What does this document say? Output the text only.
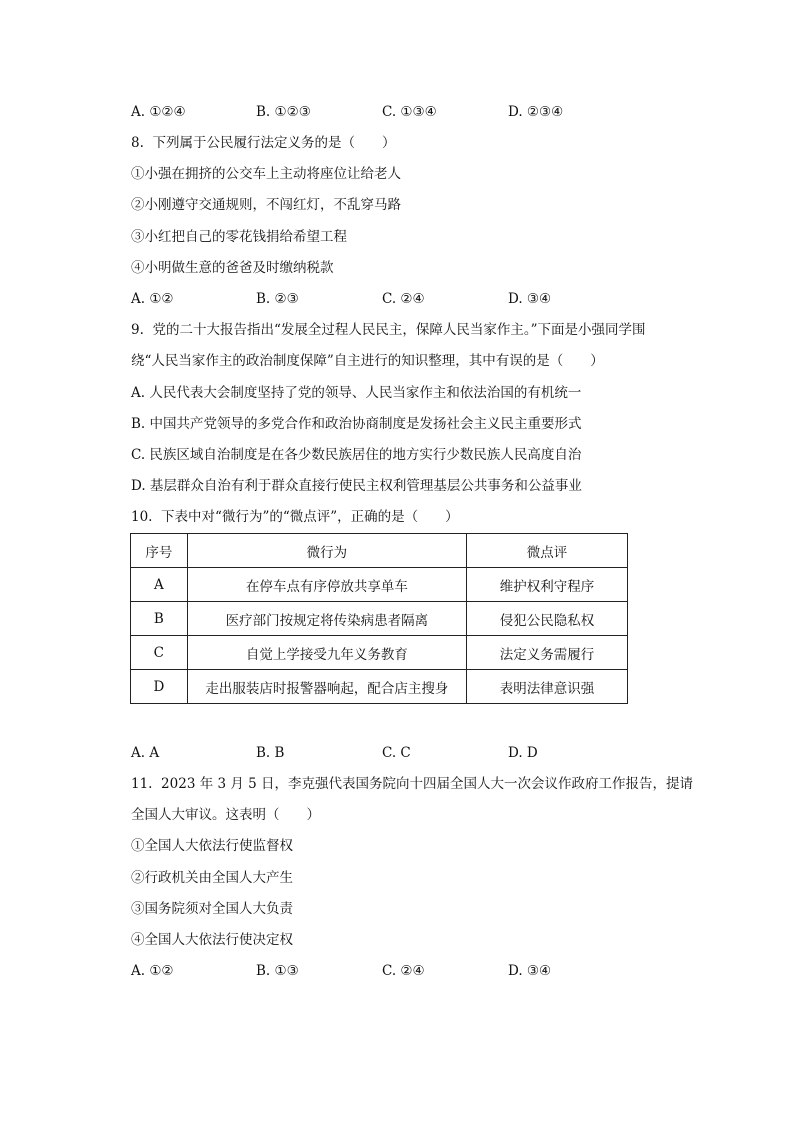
A. ①②④	B. ①②③	C. ①③④	D. ②③④
8.  下列属于公民履行法定义务的是（　　）
①小强在拥挤的公交车上主动将座位让给老人
②小刚遵守交通规则，不闯红灯，不乱穿马路
③小红把自己的零花钱捐给希望工程
④小明做生意的爸爸及时缴纳税款
A. ①②	B. ②③	C. ②④	D. ③④
9.  党的二十大报告指出“发展全过程人民民主，保障人民当家作主。”下面是小强同学围
绕“人民当家作主的政治制度保障”自主进行的知识整理，其中有误的是（　　）
A. 人民代表大会制度坚持了党的领导、人民当家作主和依法治国的有机统一
B. 中国共产党领导的多党合作和政治协商制度是发扬社会主义民主重要形式
C. 民族区域自治制度是在各少数民族居住的地方实行少数民族人民高度自治
D. 基层群众自治有利于群众直接行使民主权利管理基层公共事务和公益事业
10.  下表中对“微行为”的“微点评”，正确的是（　　）
序号	微行为	微点评
A	在停车点有序停放共享单车	维护权利守程序
B	医疗部门按规定将传染病患者隔离	侵犯公民隐私权
C	自觉上学接受九年义务教育	法定义务需履行
D	走出服装店时报警器响起，配合店主搜身	表明法律意识强
A. A	B. B	C. C	D. D
11.  2023 年 3 月 5 日，李克强代表国务院向十四届全国人大一次会议作政府工作报告，提请
全国人大审议。这表明（　　）
①全国人大依法行使监督权
②行政机关由全国人大产生
③国务院须对全国人大负责
④全国人大依法行使决定权
A. ①②	B. ①③	C. ②④	D. ③④
